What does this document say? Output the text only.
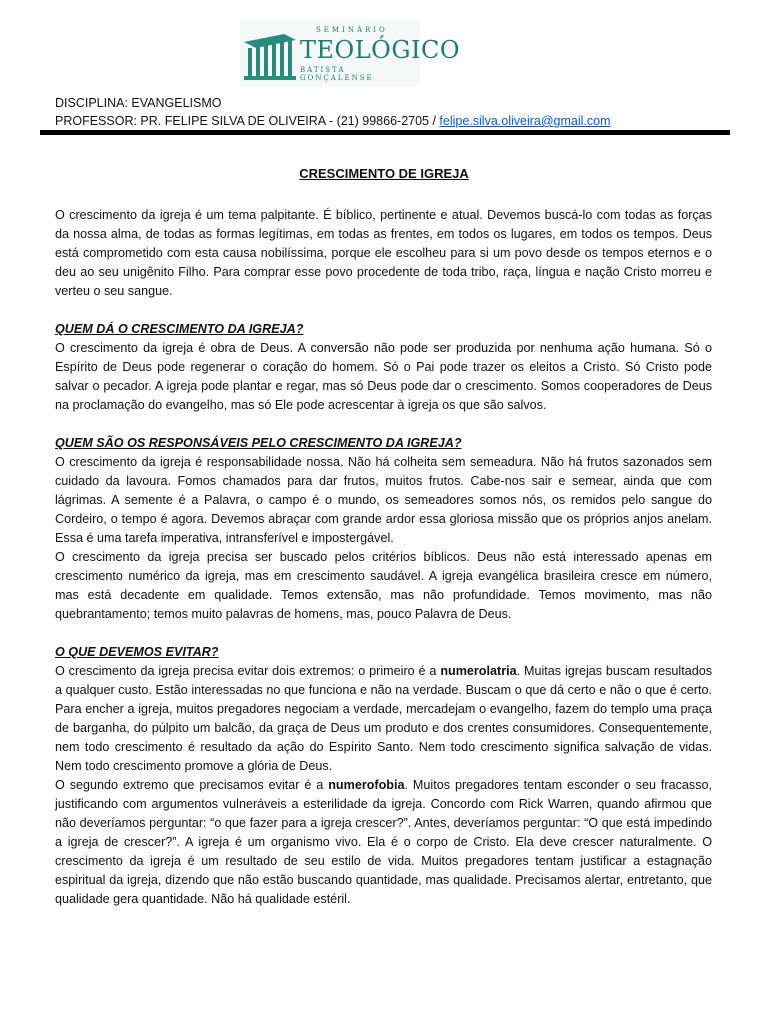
SEMINÁRIO
TEOLÓGICO
BATISTA GONÇALENSE
DISCIPLINA: EVANGELISMO
PROFESSOR: PR. FELIPE SILVA DE OLIVEIRA - (21) 99866-2705 / felipe.silva.oliveira@gmail.com
CRESCIMENTO DE IGREJA

O crescimento da igreja é um tema palpitante. É bíblico, pertinente e atual. Devemos buscá-lo com todas as forças da nossa alma, de todas as formas legítimas, em todas as frentes, em todos os lugares, em todos os tempos. Deus está comprometido com esta causa nobilíssima, porque ele escolheu para si um povo desde os tempos eternos e o deu ao seu unigênito Filho. Para comprar esse povo procedente de toda tribo, raça, língua e nação Cristo morreu e verteu o seu sangue.

QUEM DÁ O CRESCIMENTO DA IGREJA?

O crescimento da igreja é obra de Deus. A conversão não pode ser produzida por nenhuma ação humana. Só o Espírito de Deus pode regenerar o coração do homem. Só o Pai pode trazer os eleitos a Cristo. Só Cristo pode salvar o pecador. A igreja pode plantar e regar, mas só Deus pode dar o crescimento. Somos cooperadores de Deus na proclamação do evangelho, mas só Ele pode acrescentar à igreja os que são salvos.

QUEM SÃO OS RESPONSÁVEIS PELO CRESCIMENTO DA IGREJA?

O crescimento da igreja é responsabilidade nossa. Não há colheita sem semeadura. Não há frutos sazonados sem cuidado da lavoura. Fomos chamados para dar frutos, muitos frutos. Cabe-nos sair e semear, ainda que com lágrimas. A semente é a Palavra, o campo é o mundo, os semeadores somos nós, os remidos pelo sangue do Cordeiro, o tempo é agora. Devemos abraçar com grande ardor essa gloriosa missão que os próprios anjos anelam. Essa é uma tarefa imperativa, intransferível e impostergável.

O crescimento da igreja precisa ser buscado pelos critérios bíblicos. Deus não está interessado apenas em crescimento numérico da igreja, mas em crescimento saudável. A igreja evangélica brasileira cresce em número, mas está decadente em qualidade. Temos extensão, mas não profundidade. Temos movimento, mas não quebrantamento; temos muito palavras de homens, mas, pouco Palavra de Deus.

O QUE DEVEMOS EVITAR?

O crescimento da igreja precisa evitar dois extremos: o primeiro é a numerolatria. Muitas igrejas buscam resultados a qualquer custo. Estão interessadas no que funciona e não na verdade. Buscam o que dá certo e não o que é certo. Para encher a igreja, muitos pregadores negociam a verdade, mercadejam o evangelho, fazem do templo uma praça de barganha, do púlpito um balcão, da graça de Deus um produto e dos crentes consumidores. Consequentemente, nem todo crescimento é resultado da ação do Espírito Santo. Nem todo crescimento significa salvação de vidas. Nem todo crescimento promove a glória de Deus.

O segundo extremo que precisamos evitar é a numerofobia. Muitos pregadores tentam esconder o seu fracasso, justificando com argumentos vulneráveis a esterilidade da igreja. Concordo com Rick Warren, quando afirmou que não deveríamos perguntar: “o que fazer para a igreja crescer?”. Antes, deveríamos perguntar: “O que está impedindo a igreja de crescer?”. A igreja é um organismo vivo. Ela é o corpo de Cristo. Ela deve crescer naturalmente. O crescimento da igreja é um resultado de seu estilo de vida. Muitos pregadores tentam justificar a estagnação espiritual da igreja, dizendo que não estão buscando quantidade, mas qualidade. Precisamos alertar, entretanto, que qualidade gera quantidade. Não há qualidade estéril.
